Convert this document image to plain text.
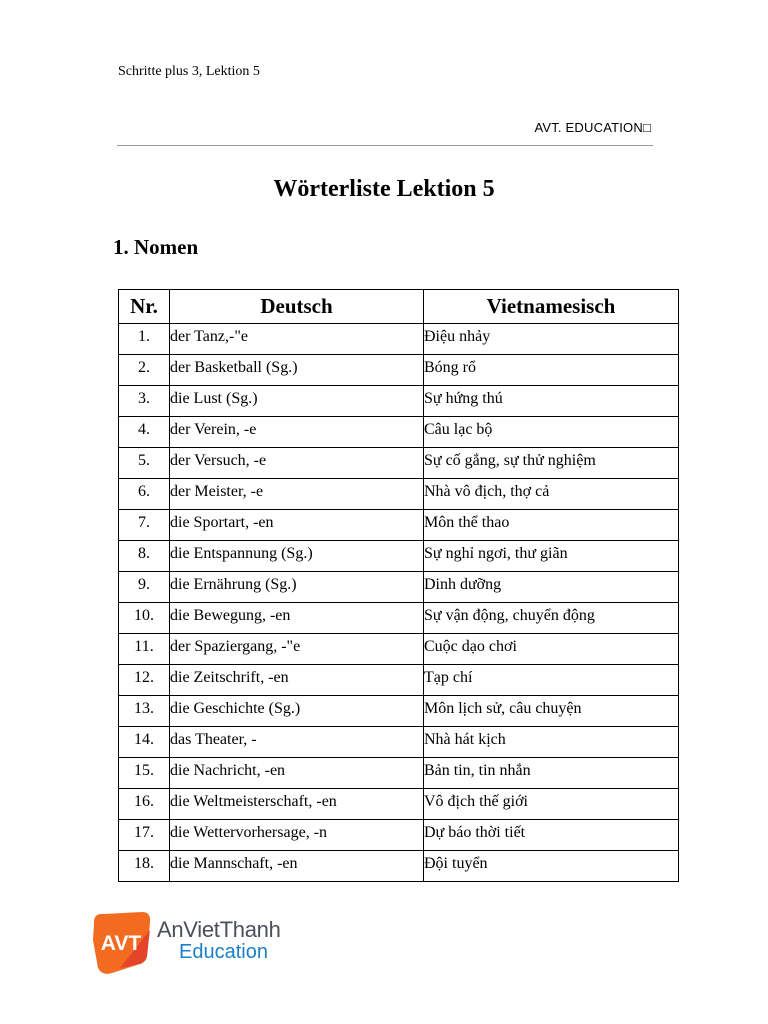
Schritte plus 3, Lektion 5
AVT. EDUCATION□
Wörterliste Lektion 5
1. Nomen
Nr.	Deutsch	Vietnamesisch
1.	der Tanz,-"e	Điệu nhảy
2.	der Basketball (Sg.)	Bóng rổ
3.	die Lust (Sg.)	Sự hứng thú
4.	der Verein, -e	Câu lạc bộ
5.	der Versuch, -e	Sự cố gắng, sự thử nghiệm
6.	der Meister, -e	Nhà vô địch, thợ cả
7.	die Sportart, -en	Môn thể thao
8.	die Entspannung (Sg.)	Sự nghỉ ngơi, thư giãn
9.	die Ernährung (Sg.)	Dinh dưỡng
10.	die Bewegung, -en	Sự vận động, chuyển động
11.	der Spaziergang, -"e	Cuộc dạo chơi
12.	die Zeitschrift, -en	Tạp chí
13.	die Geschichte (Sg.)	Môn lịch sử, câu chuyện
14.	das Theater, -	Nhà hát kịch
15.	die Nachricht, -en	Bản tin, tin nhắn
16.	die Weltmeisterschaft, -en	Vô địch thế giới
17.	die Wettervorhersage, -n	Dự báo thời tiết
18.	die Mannschaft, -en	Đội tuyển
AVT
AnVietThanh
Education
